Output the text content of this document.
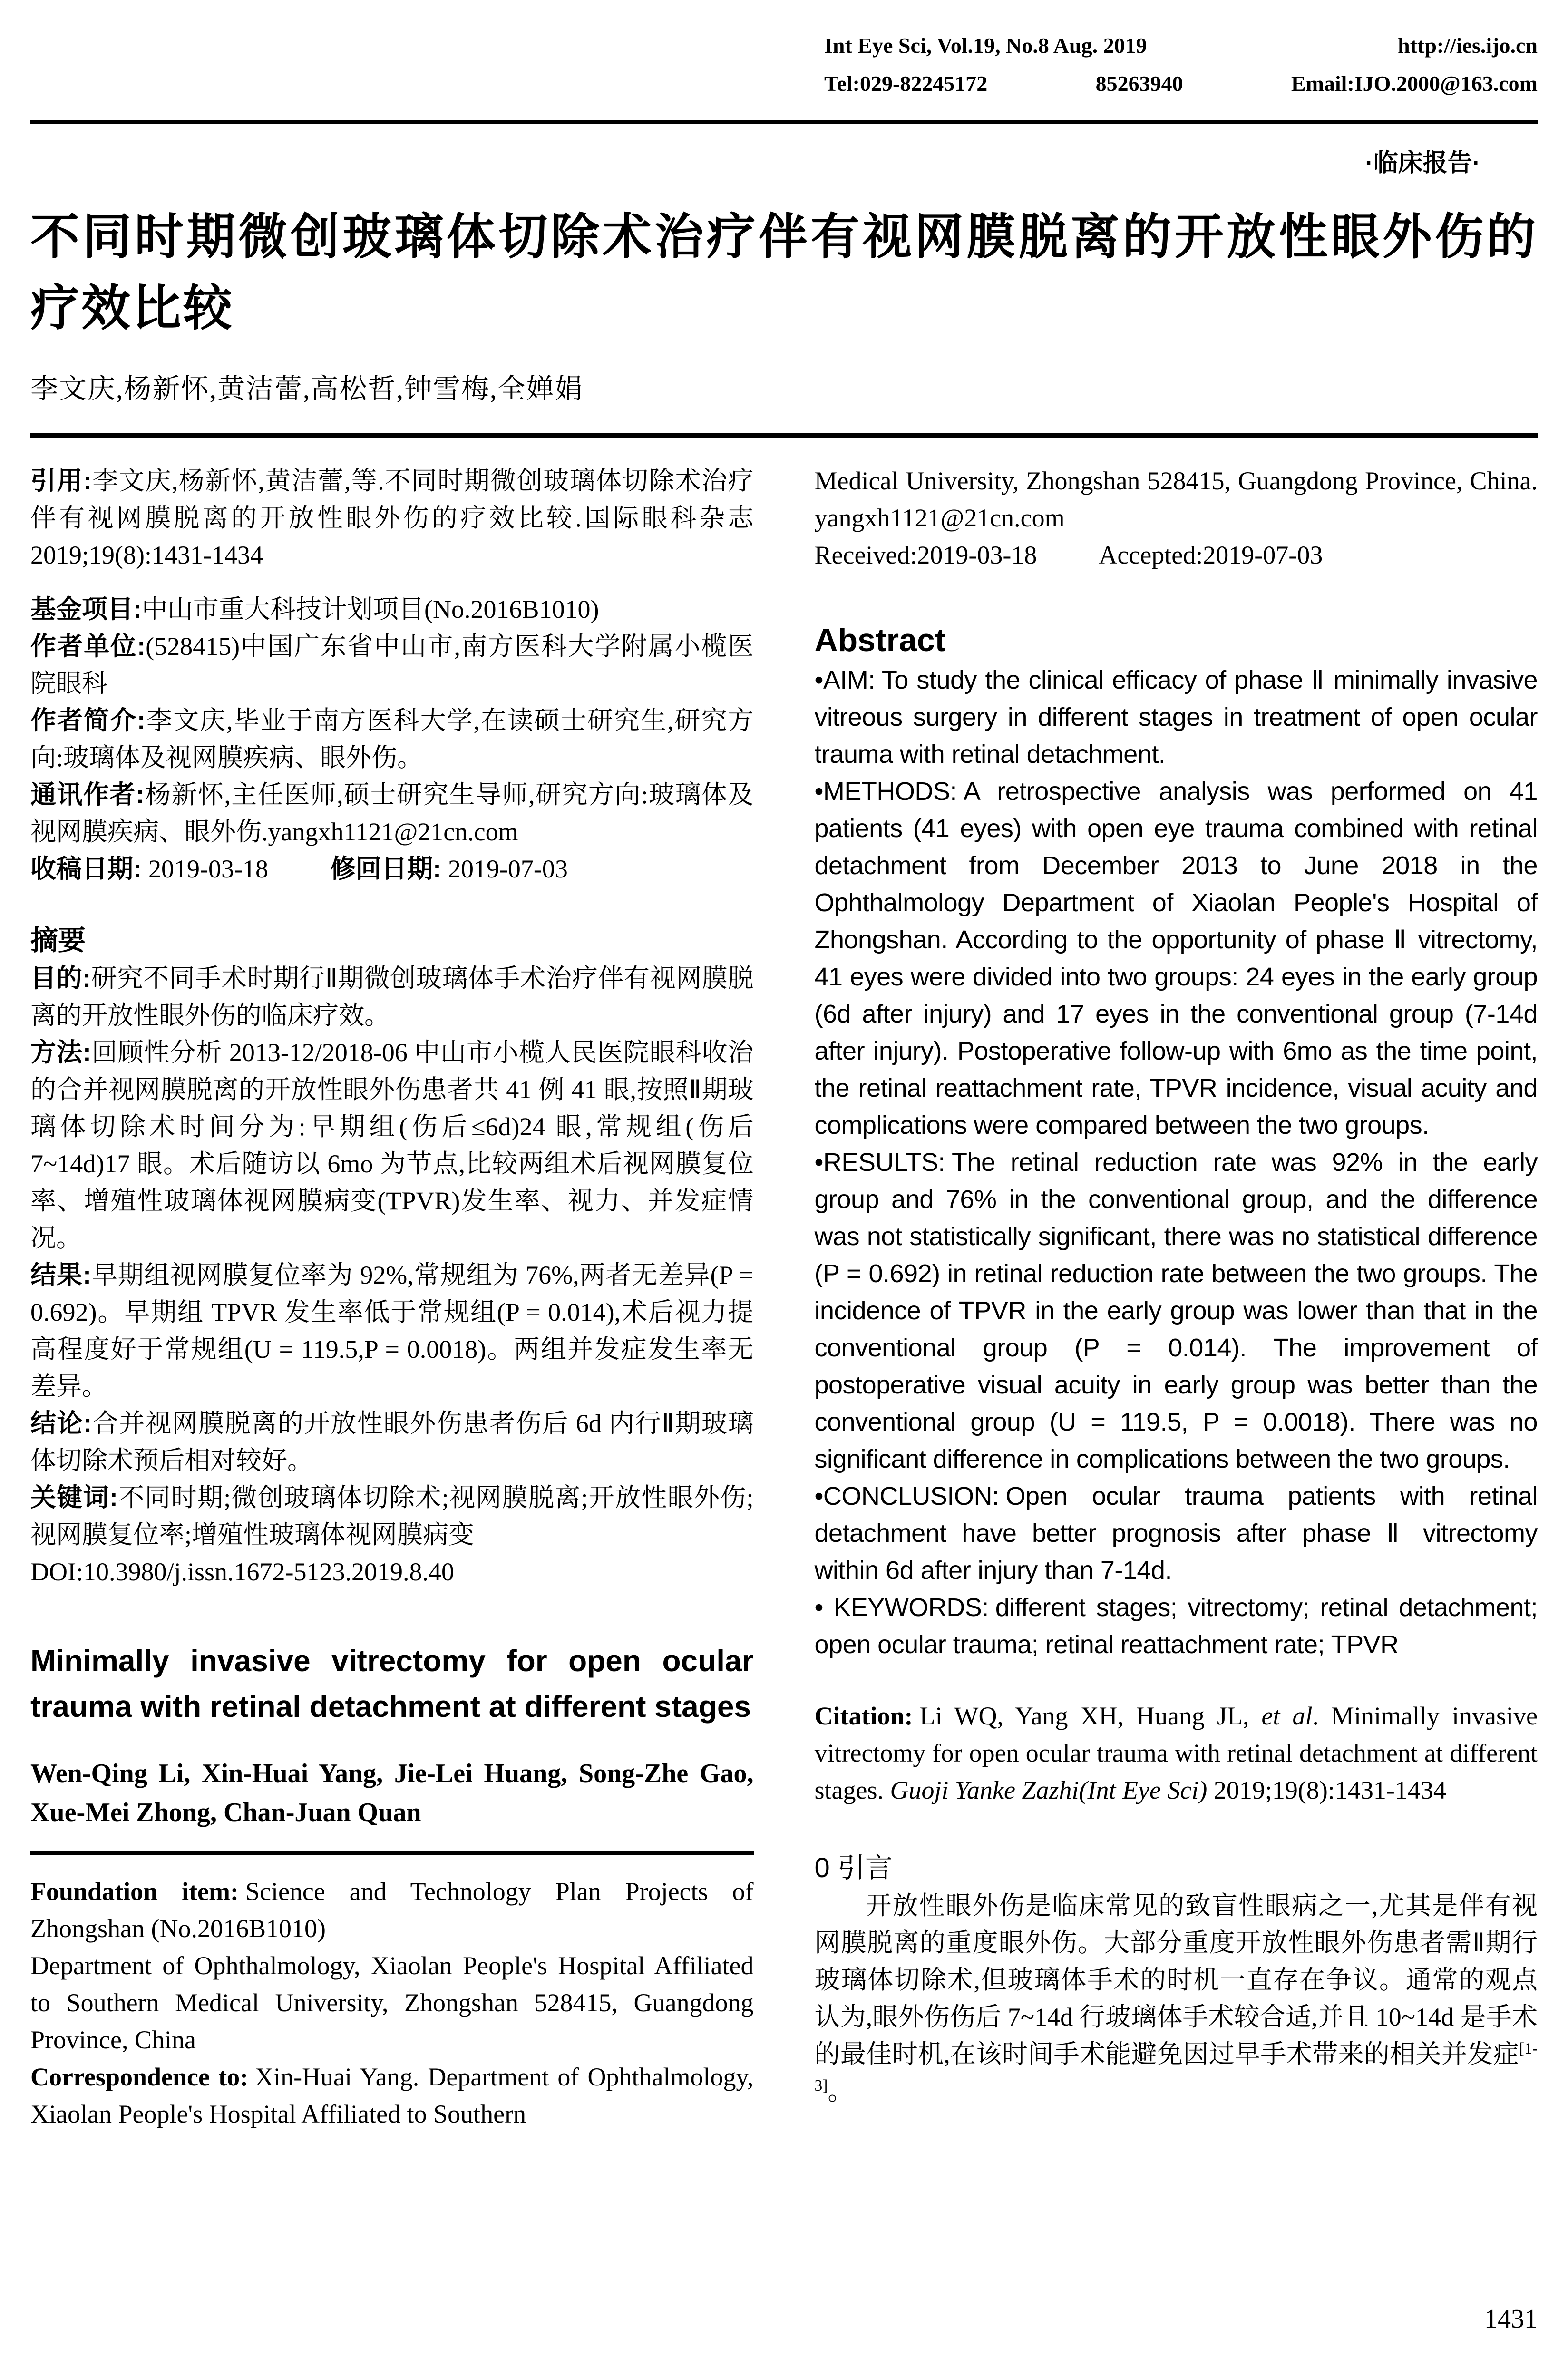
Int Eye Sci, Vol.19, No.8 Aug. 2019	http://ies.ijo.cn
Tel:029-82245172	85263940	Email:IJO.2000@163.com
·临床报告·
不同时期微创玻璃体切除术治疗伴有视网膜脱离的开放性眼外伤的疗效比较
李文庆,杨新怀,黄洁蕾,高松哲,钟雪梅,全婵娟

引用:李文庆,杨新怀,黄洁蕾,等.不同时期微创玻璃体切除术治疗伴有视网膜脱离的开放性眼外伤的疗效比较.国际眼科杂志 2019;19(8):1431-1434

基金项目:中山市重大科技计划项目(No.2016B1010)

作者单位:(528415)中国广东省中山市,南方医科大学附属小榄医院眼科

作者简介:李文庆,毕业于南方医科大学,在读硕士研究生,研究方向:玻璃体及视网膜疾病、眼外伤。

通讯作者:杨新怀,主任医师,硕士研究生导师,研究方向:玻璃体及视网膜疾病、眼外伤.yangxh1121@21cn.com

收稿日期: 2019-03-18 修回日期: 2019-07-03

摘要

目的:研究不同手术时期行Ⅱ期微创玻璃体手术治疗伴有视网膜脱离的开放性眼外伤的临床疗效。

方法:回顾性分析 2013-12/2018-06 中山市小榄人民医院眼科收治的合并视网膜脱离的开放性眼外伤患者共 41 例 41 眼,按照Ⅱ期玻璃体切除术时间分为:早期组(伤后≤6d)24 眼,常规组(伤后 7~14d)17 眼。术后随访以 6mo 为节点,比较两组术后视网膜复位率、增殖性玻璃体视网膜病变(TPVR)发生率、视力、并发症情况。

结果:早期组视网膜复位率为 92%,常规组为 76%,两者无差异(P = 0.692)。早期组 TPVR 发生率低于常规组(P = 0.014),术后视力提高程度好于常规组(U = 119.5,P = 0.0018)。两组并发症发生率无差异。

结论:合并视网膜脱离的开放性眼外伤患者伤后 6d 内行Ⅱ期玻璃体切除术预后相对较好。

关键词:不同时期;微创玻璃体切除术;视网膜脱离;开放性眼外伤;视网膜复位率;增殖性玻璃体视网膜病变

DOI:10.3980/j.issn.1672-5123.2019.8.40

Minimally invasive vitrectomy for open ocular trauma with retinal detachment at different stages

Wen-Qing Li, Xin-Huai Yang, Jie-Lei Huang, Song-Zhe Gao, Xue-Mei Zhong, Chan-Juan Quan

Foundation item: Science and Technology Plan Projects of Zhongshan (No.2016B1010)

Department of Ophthalmology, Xiaolan People's Hospital Affiliated to Southern Medical University, Zhongshan 528415, Guangdong Province, China

Correspondence to: Xin-Huai Yang. Department of Ophthalmology, Xiaolan People's Hospital Affiliated to Southern

Medical University, Zhongshan 528415, Guangdong Province, China. yangxh1121@21cn.com

Received:2019-03-18 Accepted:2019-07-03

Abstract

•AIM: To study the clinical efficacy of phase Ⅱ minimally invasive vitreous surgery in different stages in treatment of open ocular trauma with retinal detachment.

•METHODS: A retrospective analysis was performed on 41 patients (41 eyes) with open eye trauma combined with retinal detachment from December 2013 to June 2018 in the Ophthalmology Department of Xiaolan People's Hospital of Zhongshan. According to the opportunity of phase Ⅱ vitrectomy, 41 eyes were divided into two groups: 24 eyes in the early group (6d after injury) and 17 eyes in the conventional group (7-14d after injury). Postoperative follow-up with 6mo as the time point, the retinal reattachment rate, TPVR incidence, visual acuity and complications were compared between the two groups.

•RESULTS: The retinal reduction rate was 92% in the early group and 76% in the conventional group, and the difference was not statistically significant, there was no statistical difference (P = 0.692) in retinal reduction rate between the two groups. The incidence of TPVR in the early group was lower than that in the conventional group (P = 0.014). The improvement of postoperative visual acuity in early group was better than the conventional group (U = 119.5, P = 0.0018). There was no significant difference in complications between the two groups.

•CONCLUSION: Open ocular trauma patients with retinal detachment have better prognosis after phase Ⅱ vitrectomy within 6d after injury than 7-14d.

• KEYWORDS: different stages; vitrectomy; retinal detachment; open ocular trauma; retinal reattachment rate; TPVR

Citation: Li WQ, Yang XH, Huang JL, et al. Minimally invasive vitrectomy for open ocular trauma with retinal detachment at different stages. Guoji Yanke Zazhi(Int Eye Sci) 2019;19(8):1431-1434

0 引言

开放性眼外伤是临床常见的致盲性眼病之一,尤其是伴有视网膜脱离的重度眼外伤。大部分重度开放性眼外伤患者需Ⅱ期行玻璃体切除术,但玻璃体手术的时机一直存在争议。通常的观点认为,眼外伤伤后 7~14d 行玻璃体手术较合适,并且 10~14d 是手术的最佳时机,在该时间手术能避免因过早手术带来的相关并发症[1-3]。

1431
